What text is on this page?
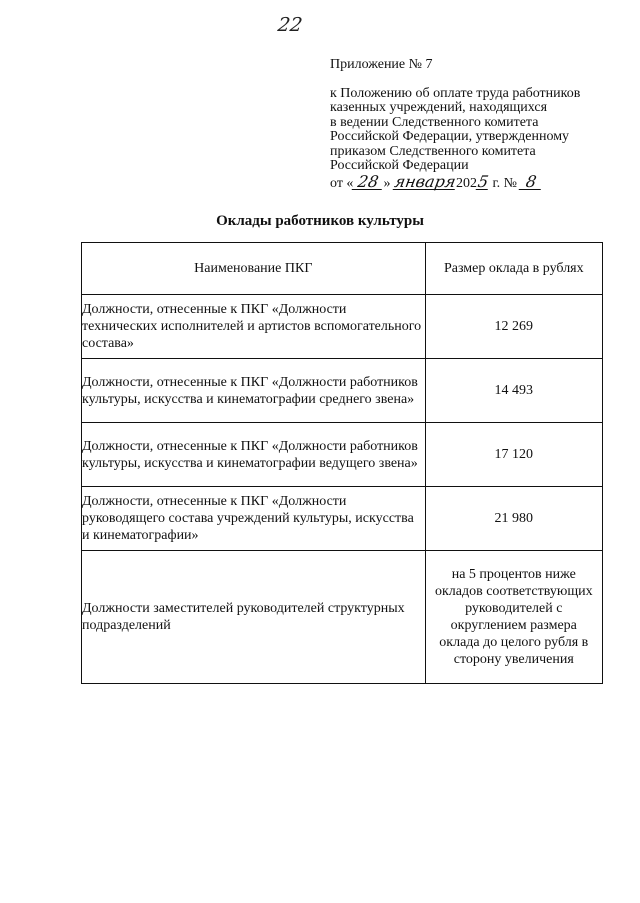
22
Приложение № 7
к Положению об оплате труда работников
казенных учреждений, находящихся
в ведении Следственного комитета
Российской Федерации, утвержденному
приказом Следственного комитета
Российской Федерации
от « 28 » января2025 г. № 8
Оклады работников культуры
Наименование ПКГ	Размер оклада в рублях
Должности, отнесенные к ПКГ «Должности технических исполнителей и артистов вспомогательного состава»	12 269
Должности, отнесенные к ПКГ «Должности работников культуры, искусства и кинематографии среднего звена»	14 493
Должности, отнесенные к ПКГ «Должности работников культуры, искусства и кинематографии ведущего звена»	17 120
Должности, отнесенные к ПКГ «Должности руководящего состава учреждений культуры, искусства и кинематографии»	21 980
Должности заместителей руководителей структурных подразделений	на 5 процентов ниже окладов соответствующих руководителей с округлением размера оклада до целого рубля в сторону увеличения
